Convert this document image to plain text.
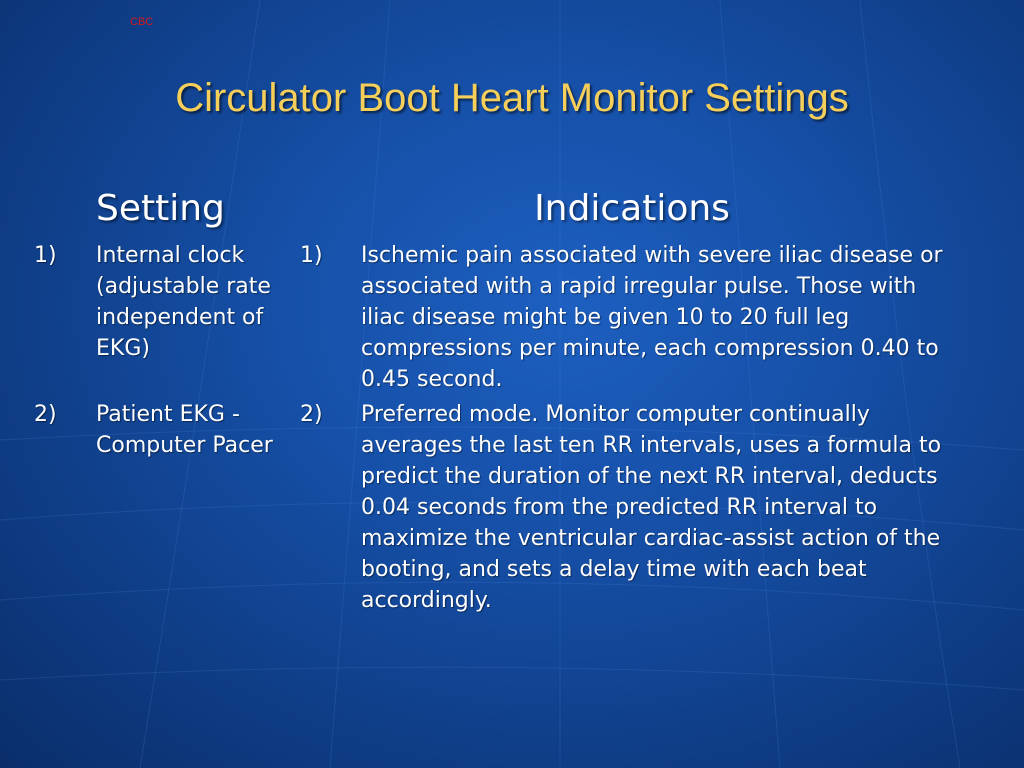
CBC
Circulator Boot Heart Monitor Settings
Setting	Indications
1) Internal clock (adjustable rate independent of EKG)
2) Patient EKG - Computer Pacer
1) Ischemic pain associated with severe iliac disease or associated with a rapid irregular pulse. Those with iliac disease might be given 10 to 20 full leg compressions per minute, each compression 0.40 to 0.45 second.
2) Preferred mode. Monitor computer continually averages the last ten RR intervals, uses a formula to predict the duration of the next RR interval, deducts 0.04 seconds from the predicted RR interval to maximize the ventricular cardiac-assist action of the booting, and sets a delay time with each beat accordingly.
